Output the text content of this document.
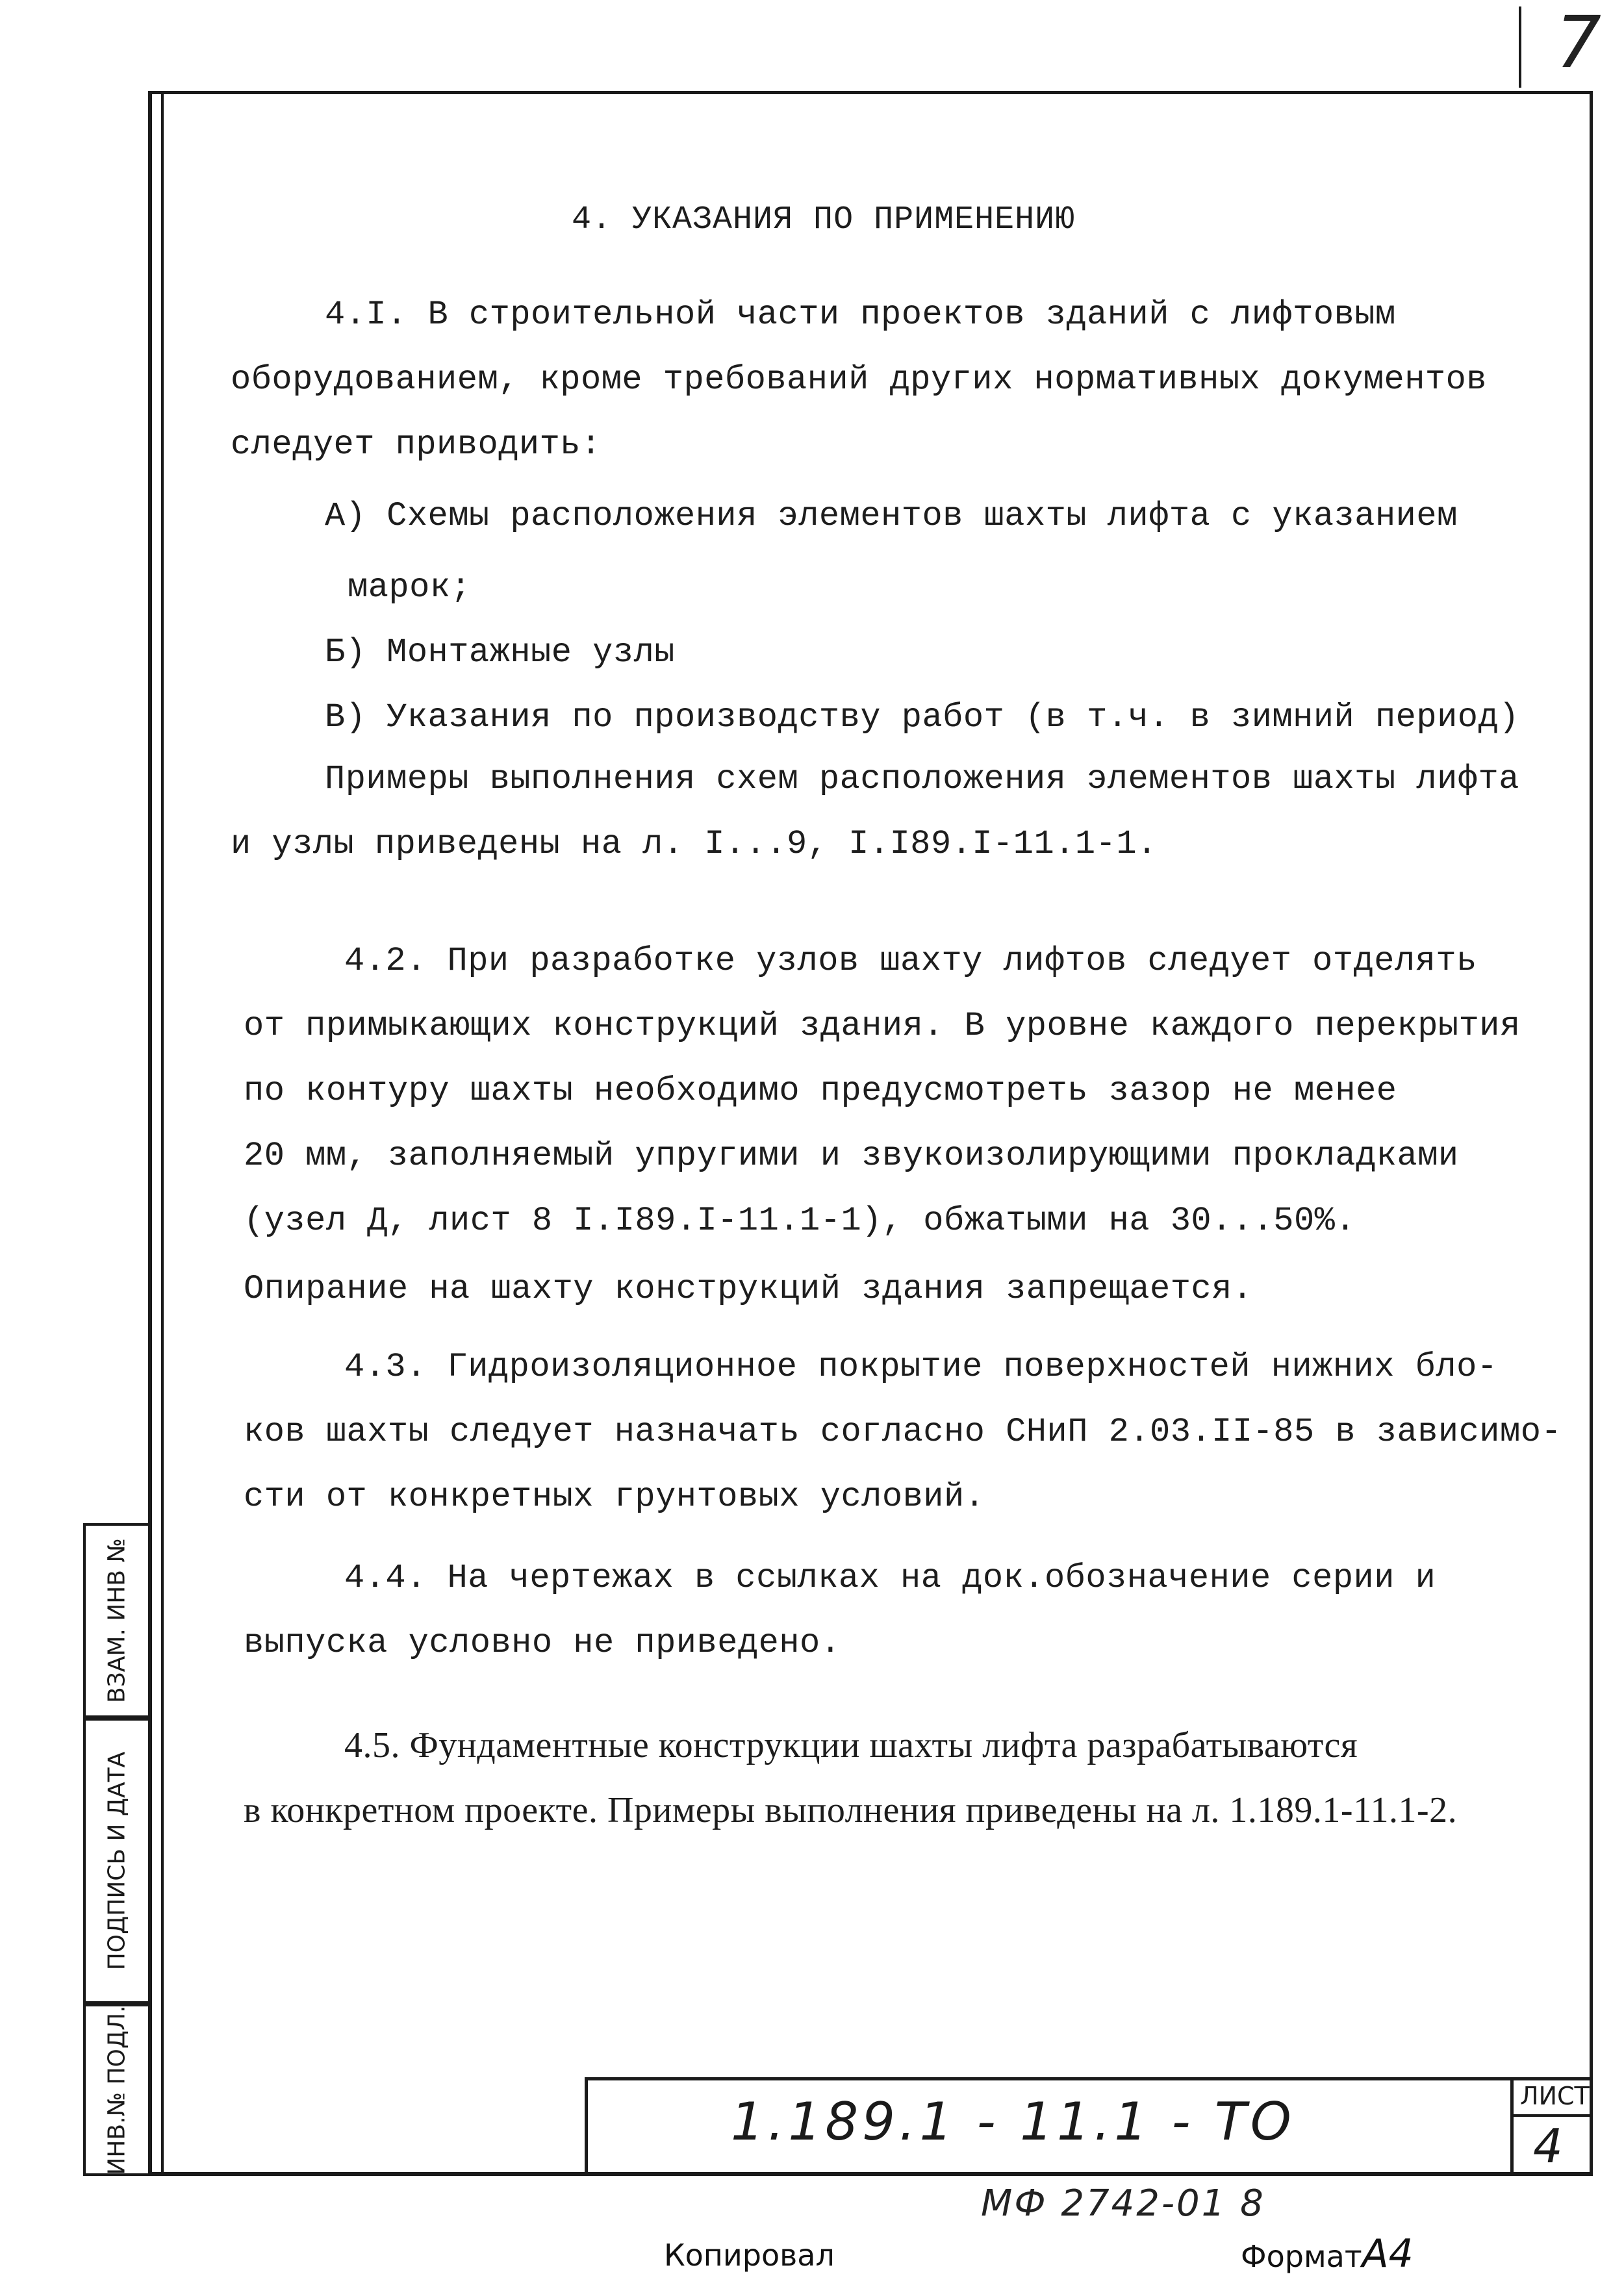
7
ВЗАМ. ИНВ №
ПОДПИСЬ И ДАТА
ИНВ.№ ПОДЛ.
4. УКАЗАНИЯ ПО ПРИМЕНЕНИЮ
4.I. В строительной части проектов зданий с лифтовым
оборудованием, кроме требований других нормативных документов
следует приводить:
А) Схемы расположения элементов шахты лифта с указанием
марок;
Б) Монтажные узлы
В) Указания по производству работ (в т.ч. в зимний период)
Примеры выполнения схем расположения элементов шахты лифта
и узлы приведены на л. I...9, I.I89.I-11.1-1.
4.2. При разработке узлов шахту лифтов следует отделять
от примыкающих конструкций здания. В уровне каждого перекрытия
по контуру шахты необходимо предусмотреть зазор не менее
20 мм, заполняемый упругими и звукоизолирующими прокладками
(узел Д, лист 8 I.I89.I-11.1-1), обжатыми на 30...50%.
Опирание на шахту конструкций здания запрещается.
4.3. Гидроизоляционное покрытие поверхностей нижних бло-
ков шахты следует назначать согласно СНиП 2.03.II-85 в зависимо-
сти от конкретных грунтовых условий.
4.4. На чертежах в ссылках на док.обозначение серии и
выпуска условно не приведено.
4.5. Фундаментные конструкции шахты лифта разрабатываются
в конкретном проекте. Примеры выполнения приведены на л. 1.189.1-11.1-2.
1.189.1 - 11.1 - ТО	ЛИСТ
4
МФ 2742-01 8
Копировал	ФорматА4
